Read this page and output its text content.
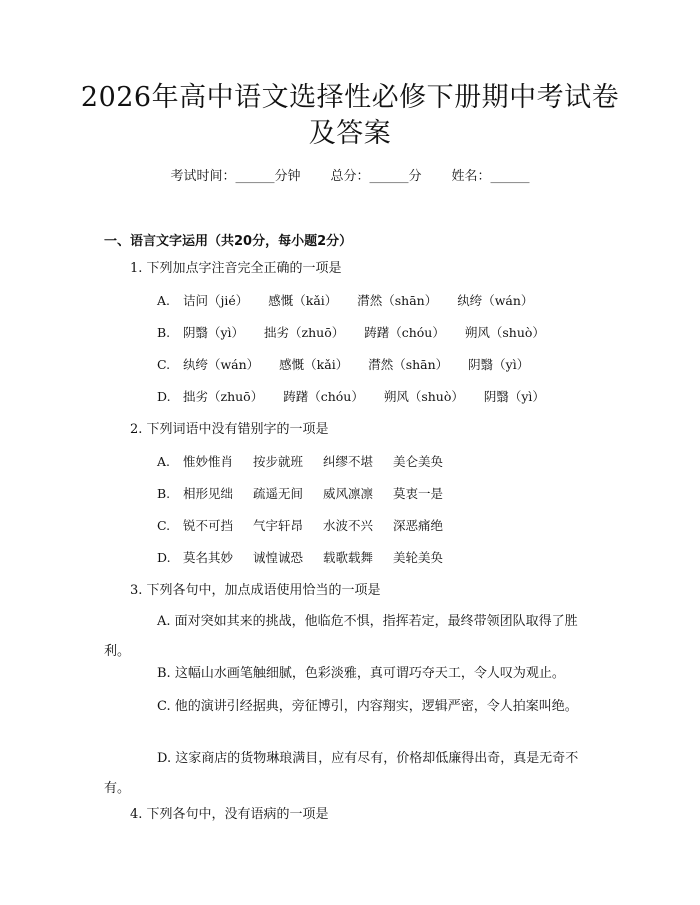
2026年高中语文选择性必修下册期中考试卷
及答案
考试时间：______分钟 总分：______分 姓名：______
一、语言文字运用（共20分，每小题2分）
1. 下列加点字注音完全正确的一项是
A. 诘问（jié） 感慨（kǎi） 潸然（shān） 纨绔（wán）
B. 阴翳（yì） 拙劣（zhuō） 踌躇（chóu） 朔风（shuò）
C. 纨绔（wán） 感慨（kǎi） 潸然（shān） 阴翳（yì）
D. 拙劣（zhuō） 踌躇（chóu） 朔风（shuò） 阴翳（yì）
2. 下列词语中没有错别字的一项是
A. 惟妙惟肖 按步就班 纠缪不堪 美仑美奂
B. 相形见绌 疏遥无间 威风凛凛 莫衷一是
C. 锐不可挡 气宇轩昂 水波不兴 深恶痛绝
D. 莫名其妙 诚惶诚恐 载歌载舞 美轮美奂
3. 下列各句中，加点成语使用恰当的一项是
A. 面对突如其来的挑战，他临危不惧，指挥若定，最终带领团队取得了胜利。
B. 这幅山水画笔触细腻，色彩淡雅，真可谓巧夺天工，令人叹为观止。
C. 他的演讲引经据典，旁征博引，内容翔实，逻辑严密，令人拍案叫绝。
D. 这家商店的货物琳琅满目，应有尽有，价格却低廉得出奇，真是无奇不有。
4. 下列各句中，没有语病的一项是
